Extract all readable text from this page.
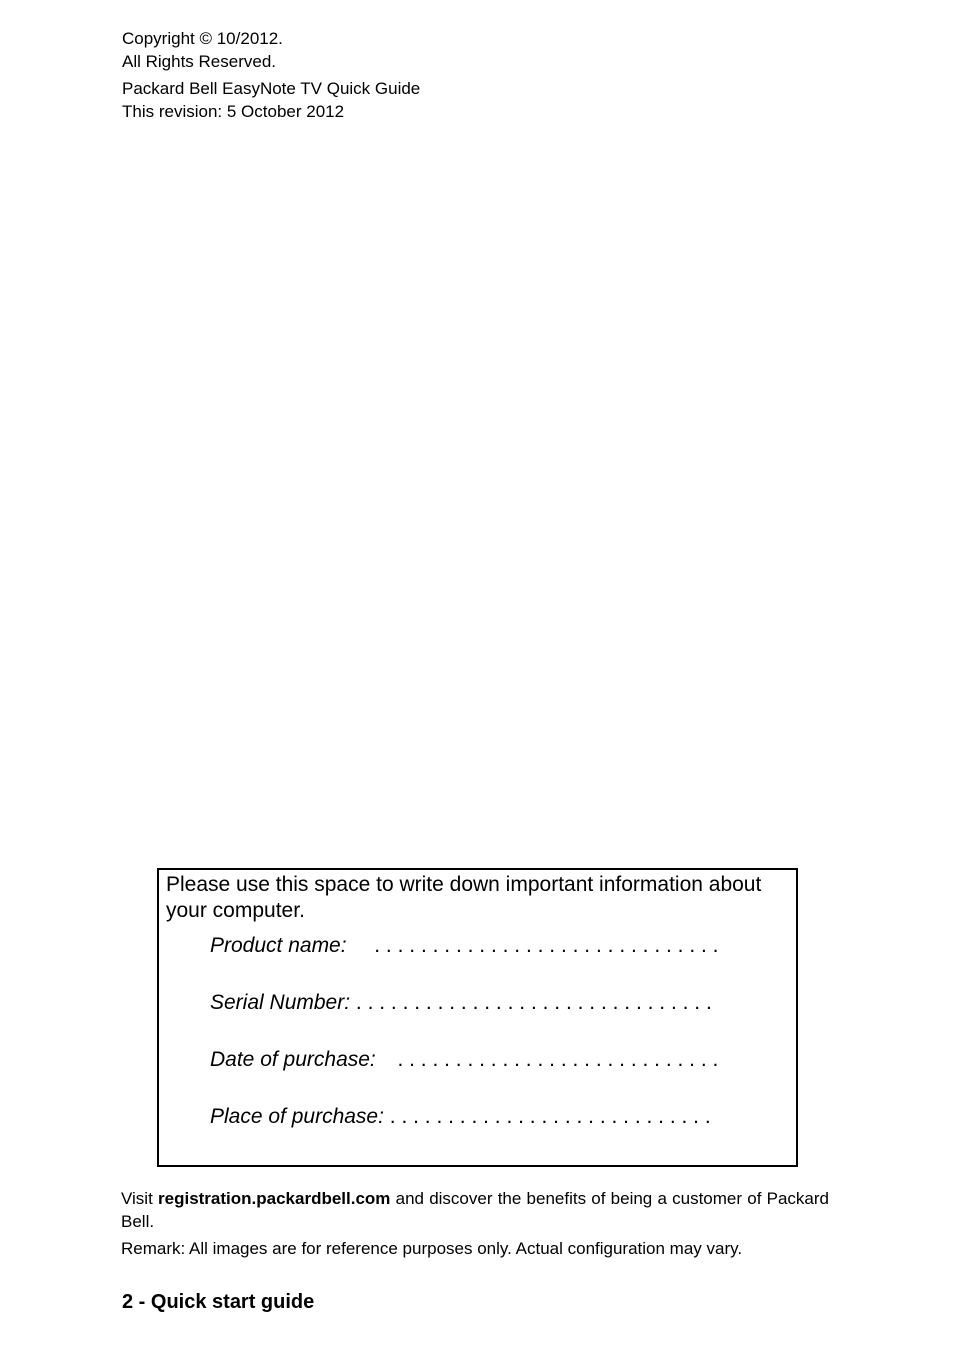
Copyright © 10/2012.
All Rights Reserved.
Packard Bell EasyNote TV Quick Guide
This revision: 5 October 2012
Please use this space to write down important information about your computer.
Product name: . . . . . . . . . . . . . . . . . . . . . . . . . . . . . .
Serial Number: . . . . . . . . . . . . . . . . . . . . . . . . . . . . . . .
Date of purchase: . . . . . . . . . . . . . . . . . . . . . . . . . . . .
Place of purchase: . . . . . . . . . . . . . . . . . . . . . . . . . . . .
Visit registration.packardbell.com and discover the benefits of being a customer of Packard Bell.
Remark: All images are for reference purposes only. Actual configuration may vary.
2 - Quick start guide
